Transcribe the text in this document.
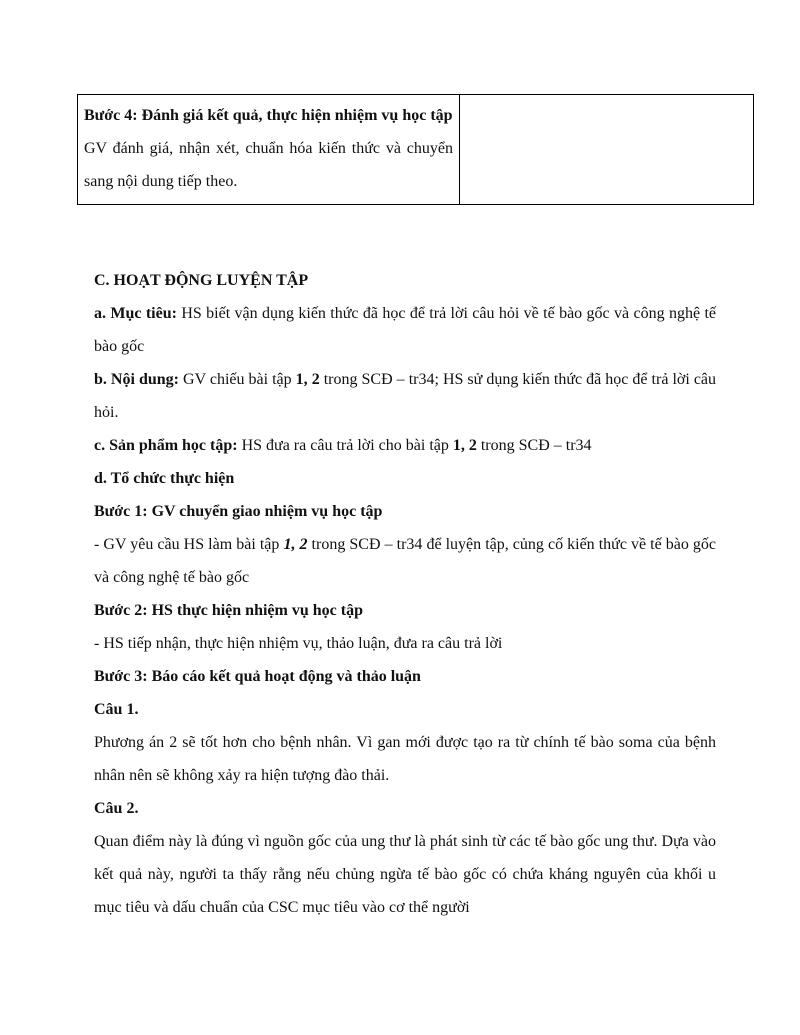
Bước 4: Đánh giá kết quả, thực hiện nhiệm vụ học tập

GV đánh giá, nhận xét, chuẩn hóa kiến thức và chuyển sang nội dung tiếp theo.

C. HOẠT ĐỘNG LUYỆN TẬP

a. Mục tiêu: HS biết vận dụng kiến thức đã học để trả lời câu hỏi về tế bào gốc và công nghệ tế bào gốc

b. Nội dung: GV chiếu bài tập 1, 2 trong SCĐ – tr34; HS sử dụng kiến thức đã học để trả lời câu hỏi.

c. Sản phẩm học tập: HS đưa ra câu trả lời cho bài tập 1, 2 trong SCĐ – tr34

d. Tổ chức thực hiện

Bước 1: GV chuyển giao nhiệm vụ học tập

- GV yêu cầu HS làm bài tập 1, 2 trong SCĐ – tr34 để luyện tập, củng cố kiến thức về tế bào gốc và công nghệ tế bào gốc

Bước 2: HS thực hiện nhiệm vụ học tập

- HS tiếp nhận, thực hiện nhiệm vụ, thảo luận, đưa ra câu trả lời

Bước 3: Báo cáo kết quả hoạt động và thảo luận

Câu 1.

Phương án 2 sẽ tốt hơn cho bệnh nhân. Vì gan mới được tạo ra từ chính tế bào soma của bệnh nhân nên sẽ không xảy ra hiện tượng đào thải.

Câu 2.

Quan điểm này là đúng vì nguồn gốc của ung thư là phát sinh từ các tế bào gốc ung thư. Dựa vào kết quả này, người ta thấy rằng nếu chủng ngừa tế bào gốc có chứa kháng nguyên của khối u mục tiêu và dấu chuẩn của CSC mục tiêu vào cơ thể người
